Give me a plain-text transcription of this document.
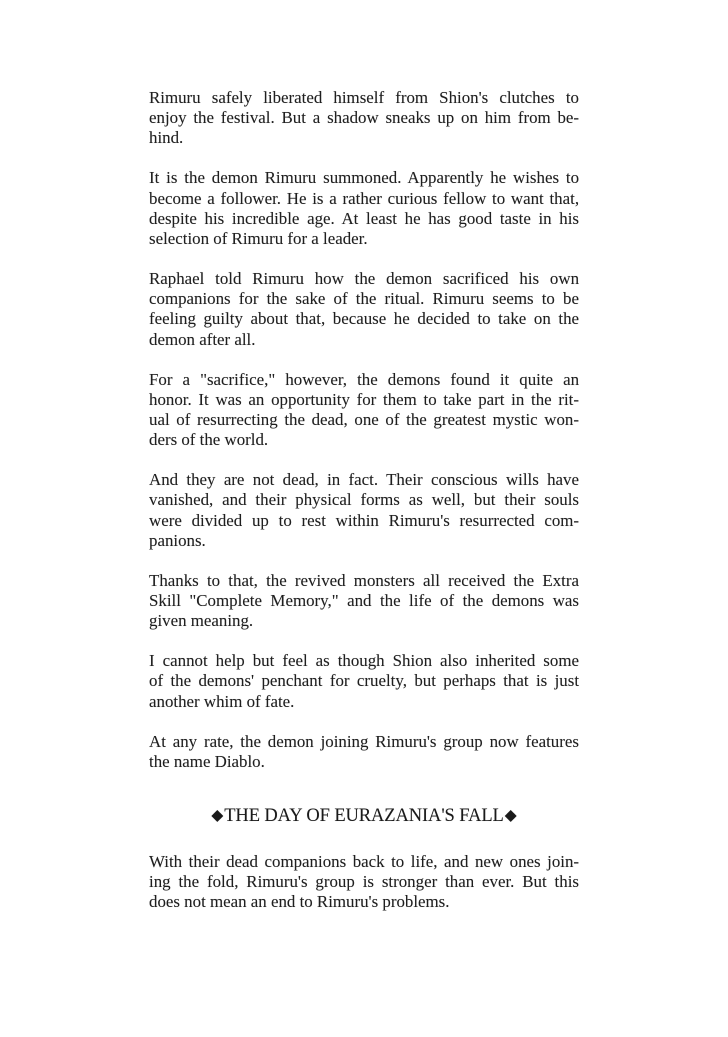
Rimuru safely liberated himself from Shion's clutches to
enjoy the festival. But a shadow sneaks up on him from be-
hind.
It is the demon Rimuru summoned. Apparently he wishes to
become a follower. He is a rather curious fellow to want that,
despite his incredible age. At least he has good taste in his
selection of Rimuru for a leader.
Raphael told Rimuru how the demon sacrificed his own
companions for the sake of the ritual. Rimuru seems to be
feeling guilty about that, because he decided to take on the
demon after all.
For a "sacrifice," however, the demons found it quite an
honor. It was an opportunity for them to take part in the rit-
ual of resurrecting the dead, one of the greatest mystic won-
ders of the world.
And they are not dead, in fact. Their conscious wills have
vanished, and their physical forms as well, but their souls
were divided up to rest within Rimuru's resurrected com-
panions.
Thanks to that, the revived monsters all received the Extra
Skill "Complete Memory," and the life of the demons was
given meaning.
I cannot help but feel as though Shion also inherited some
of the demons' penchant for cruelty, but perhaps that is just
another whim of fate.
At any rate, the demon joining Rimuru's group now features
the name Diablo.
◆THE DAY OF EURAZANIA'S FALL◆
With their dead companions back to life, and new ones join-
ing the fold, Rimuru's group is stronger than ever. But this
does not mean an end to Rimuru's problems.
